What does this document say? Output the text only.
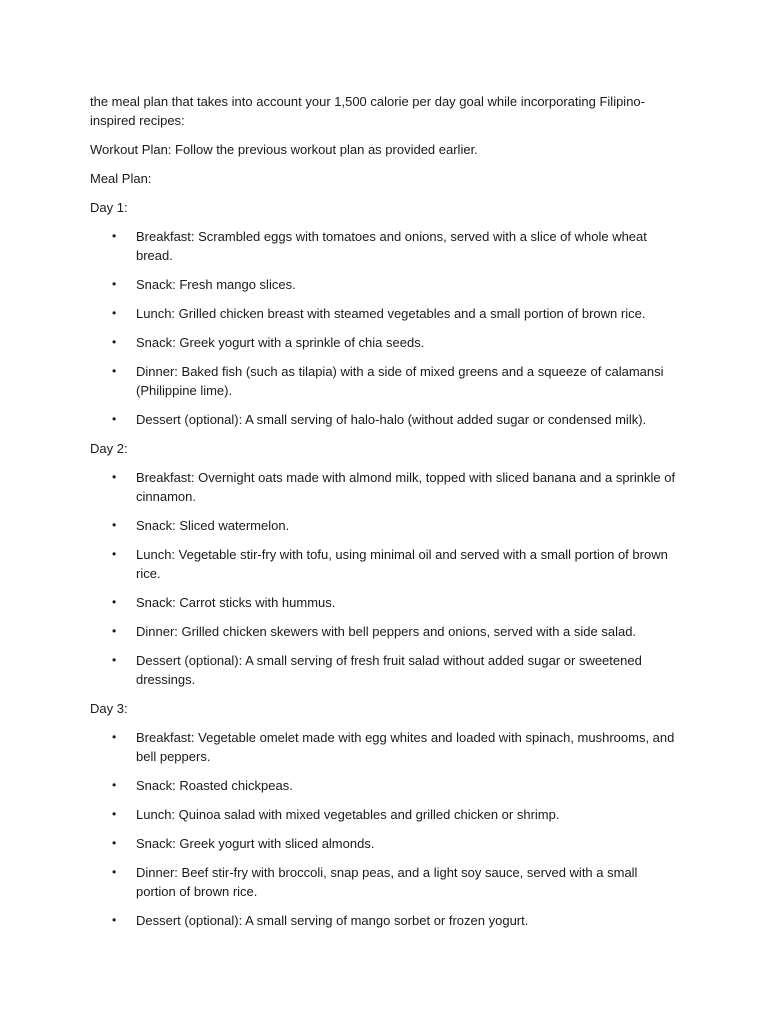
the meal plan that takes into account your 1,500 calorie per day goal while incorporating Filipino-inspired recipes:

Workout Plan: Follow the previous workout plan as provided earlier.

Meal Plan:

Day 1:

• Breakfast: Scrambled eggs with tomatoes and onions, served with a slice of whole wheat bread.
• Snack: Fresh mango slices.
• Lunch: Grilled chicken breast with steamed vegetables and a small portion of brown rice.
• Snack: Greek yogurt with a sprinkle of chia seeds.
• Dinner: Baked fish (such as tilapia) with a side of mixed greens and a squeeze of calamansi (Philippine lime).
• Dessert (optional): A small serving of halo-halo (without added sugar or condensed milk).

Day 2:

• Breakfast: Overnight oats made with almond milk, topped with sliced banana and a sprinkle of cinnamon.
• Snack: Sliced watermelon.
• Lunch: Vegetable stir-fry with tofu, using minimal oil and served with a small portion of brown rice.
• Snack: Carrot sticks with hummus.
• Dinner: Grilled chicken skewers with bell peppers and onions, served with a side salad.
• Dessert (optional): A small serving of fresh fruit salad without added sugar or sweetened dressings.

Day 3:

• Breakfast: Vegetable omelet made with egg whites and loaded with spinach, mushrooms, and bell peppers.
• Snack: Roasted chickpeas.
• Lunch: Quinoa salad with mixed vegetables and grilled chicken or shrimp.
• Snack: Greek yogurt with sliced almonds.
• Dinner: Beef stir-fry with broccoli, snap peas, and a light soy sauce, served with a small portion of brown rice.
• Dessert (optional): A small serving of mango sorbet or frozen yogurt.
